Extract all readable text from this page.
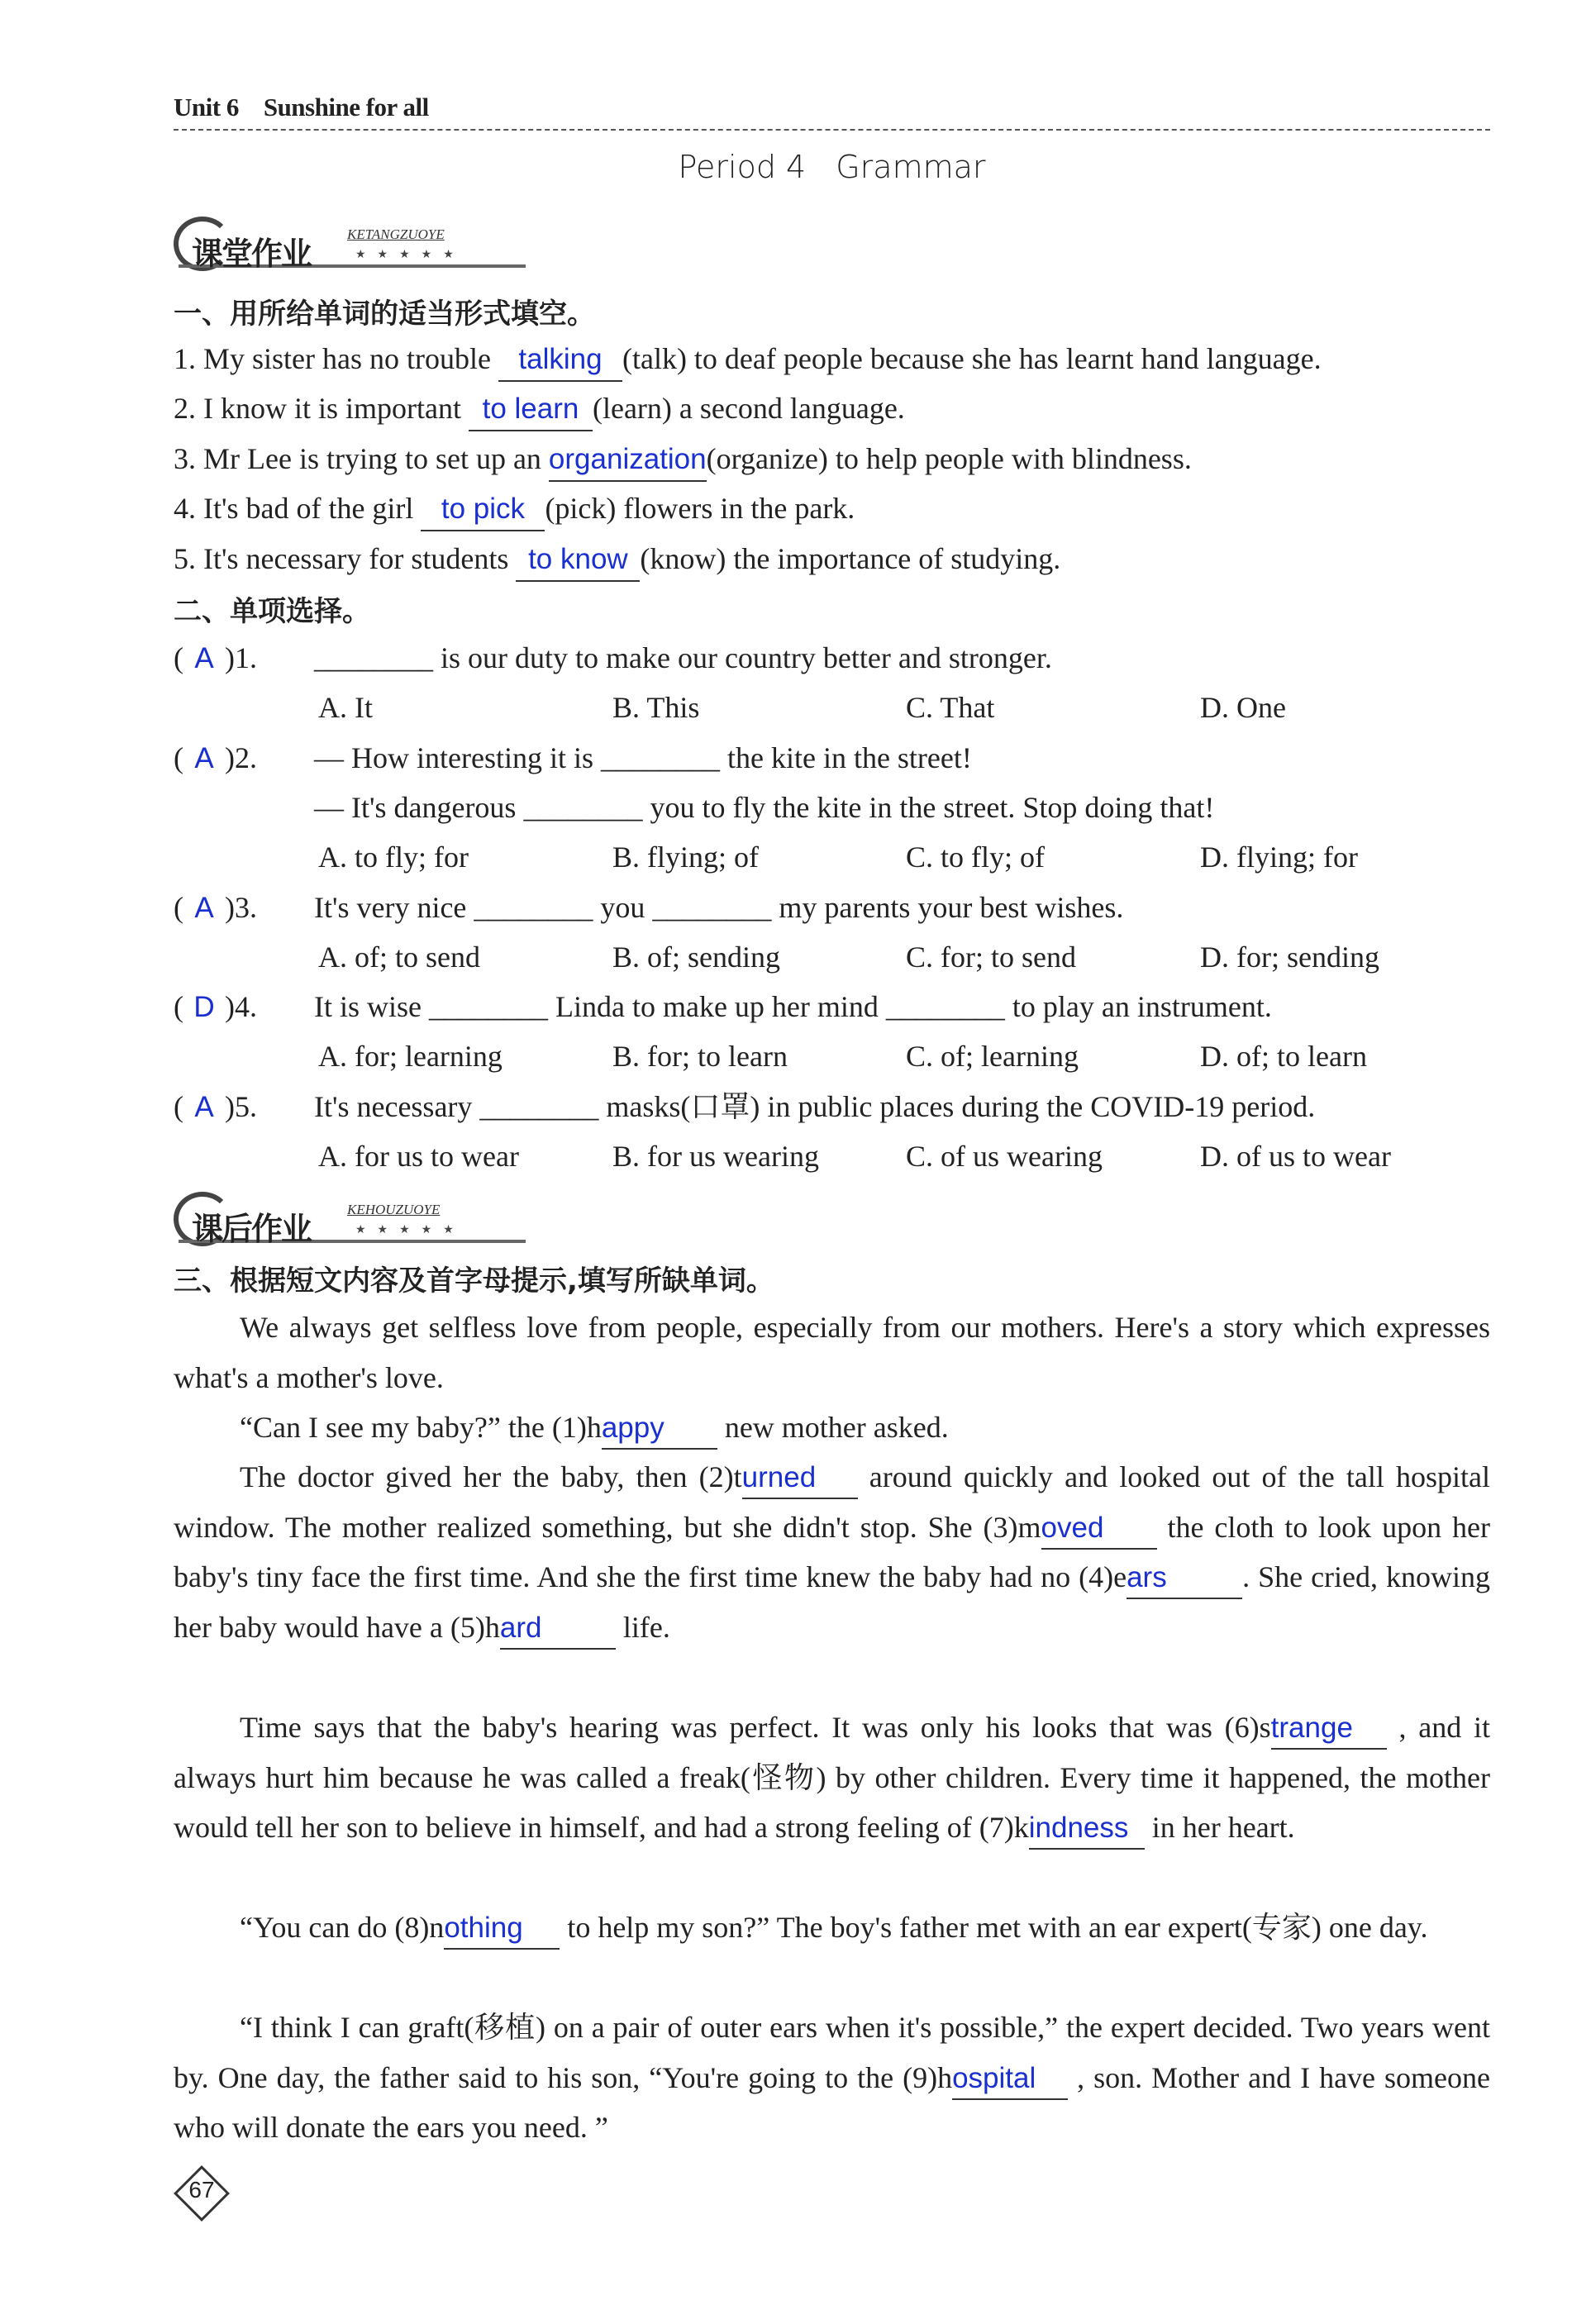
Unit 6 Sunshine for all
Period 4 Grammar
课堂作业
KETANGZUOYE
★★★★★
一、用所给单词的适当形式填空。
1. My sister has no trouble talking (talk) to deaf people because she has learnt hand language.
2. I know it is important to learn (learn) a second language.
3. Mr Lee is trying to set up an organization(organize) to help people with blindness.
4. It's bad of the girl to pick (pick) flowers in the park.
5. It's necessary for students to know (know) the importance of studying.
二、单项选择。
( A )1. ________ is our duty to make our country better and stronger.
A. It	B. This	C. That	D. One
( A )2. — How interesting it is ________ the kite in the street!
— It's dangerous ________ you to fly the kite in the street. Stop doing that!
A. to fly; for	B. flying; of	C. to fly; of	D. flying; for
( A )3. It's very nice ________ you ________ my parents your best wishes.
A. of; to send	B. of; sending	C. for; to send	D. for; sending
( D )4. It is wise ________ Linda to make up her mind ________ to play an instrument.
A. for; learning	B. for; to learn	C. of; learning	D. of; to learn
( A )5. It's necessary ________ masks(口罩) in public places during the COVID-19 period.
A. for us to wear	B. for us wearing	C. of us wearing	D. of us to wear
课后作业
KEHOUZUOYE
★★★★★
三、根据短文内容及首字母提示,填写所缺单词。
We always get selfless love from people, especially from our mothers. Here's a story which expresses what's a mother's love.
“Can I see my baby?” the (1)happy new mother asked.
The doctor gived her the baby, then (2)turned around quickly and looked out of the tall hospital window. The mother realized something, but she didn't stop. She (3)moved the cloth to look upon her baby's tiny face the first time. And she the first time knew the baby had no (4)ears	. She cried, knowing her baby would have a (5)hard life.
Time says that the baby's hearing was perfect. It was only his looks that was (6)strange , and it always hurt him because he was called a freak(怪物) by other children. Every time it happened, the mother would tell her son to believe in himself, and had a strong feeling of (7)kindness in her heart.
“You can do (8)nothing to help my son?” The boy's father met with an ear expert(专家) one day.
“I think I can graft(移植) on a pair of outer ears when it's possible,” the expert decided. Two years went by. One day, the father said to his son, “You're going to the (9)hospital , son. Mother and I have someone who will donate the ears you need. ”
67
